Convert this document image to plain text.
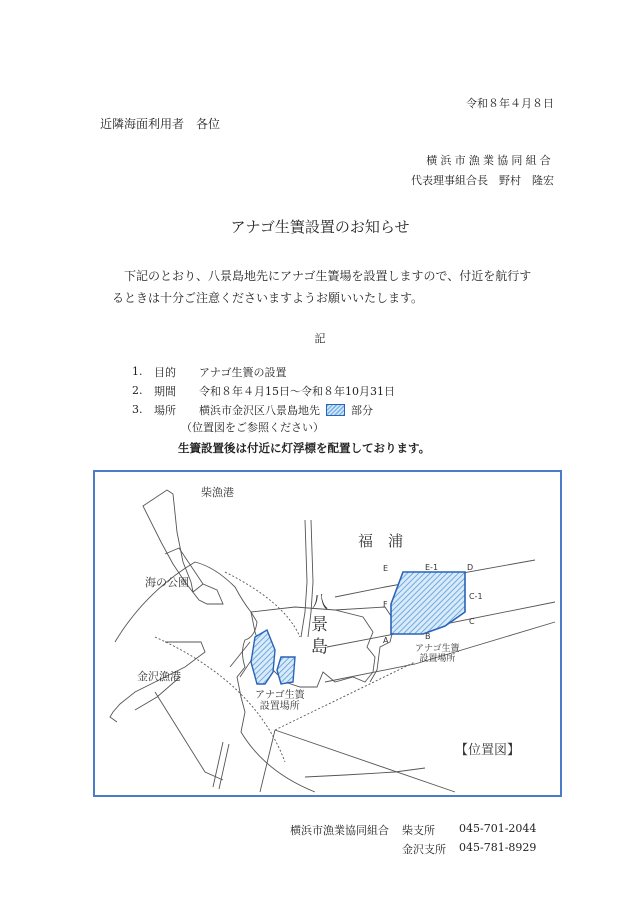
令和８年４月８日
近隣海面利用者　各位
横浜市漁業協同組合
代表理事組合長　野村　隆宏
アナゴ生簀設置のお知らせ
下記のとおり、八景島地先にアナゴ生簀場を設置しますので、付近を航行するときは十分ご注意くださいますようお願いいたします。
記
1.	目的	アナゴ生簀の設置
2.	期間	令和８年４月15日～令和８年10月31日
3.	場所	横浜市金沢区八景島地先	部分
（位置図をご参照ください）
生簀設置後は付近に灯浮標を配置しております。
柴漁港
海の公園
金沢漁港
福　浦
八
景
島
E	E-1	D
C-1
C
F
A	B
アナゴ生簀
設置場所
アナゴ生簀
設置場所
【位置図】
横浜市漁業協同組合 柴支所 045-701-2044
金沢支所 045-781-8929
